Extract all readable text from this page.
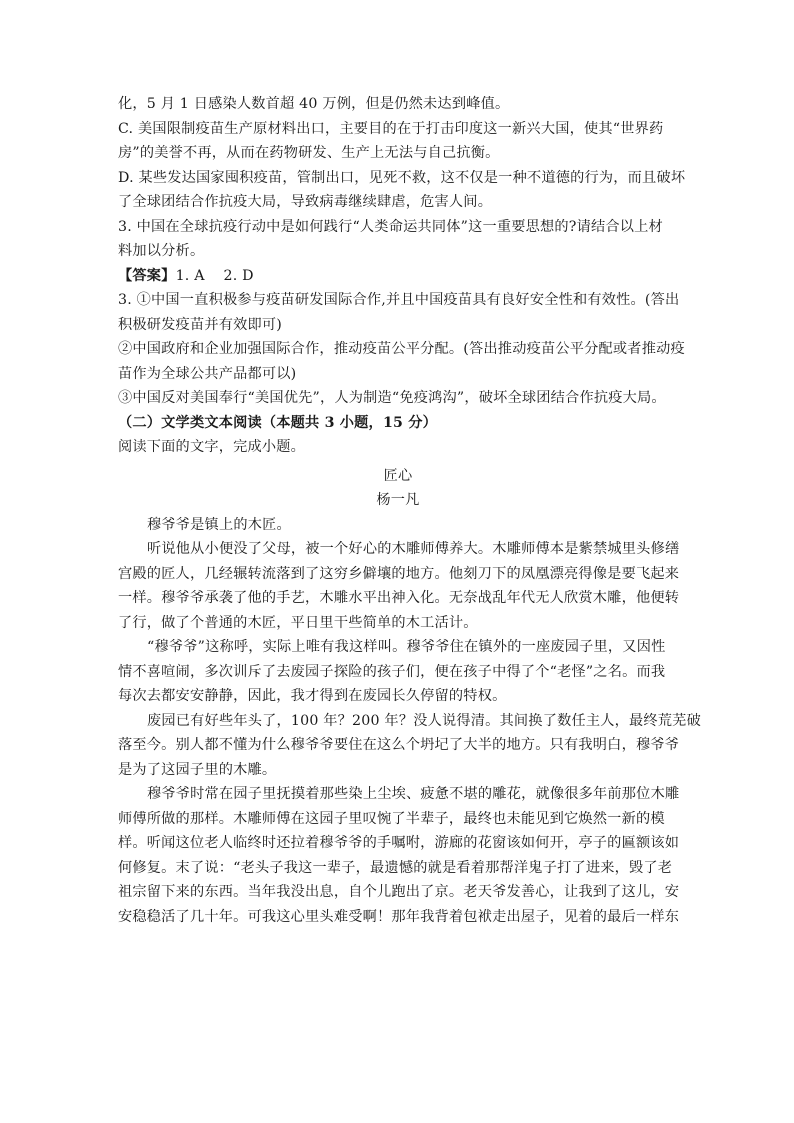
化，5 月 1 日感染人数首超 40 万例，但是仍然未达到峰值。
C. 美国限制疫苗生产原材料出口，主要目的在于打击印度这一新兴大国，使其“世界药
房”的美誉不再，从而在药物研发、生产上无法与自己抗衡。
D. 某些发达国家囤积疫苗，管制出口，见死不救，这不仅是一种不道德的行为，而且破坏
了全球团结合作抗疫大局，导致病毒继续肆虐，危害人间。
3. 中国在全球抗疫行动中是如何践行“人类命运共同体”这一重要思想的?请结合以上材
料加以分析。
【答案】1. A    2. D
3. ①中国一直积极参与疫苗研发国际合作,并且中国疫苗具有良好安全性和有效性。(答出
积极研发疫苗并有效即可)
②中国政府和企业加强国际合作，推动疫苗公平分配。(答出推动疫苗公平分配或者推动疫
苗作为全球公共产品都可以)
③中国反对美国奉行“美国优先”，人为制造“免疫鸿沟”，破坏全球团结合作抗疫大局。
（二）文学类文本阅读（本题共 3 小题，15 分）
阅读下面的文字，完成小题。
匠心
杨一凡
穆爷爷是镇上的木匠。
听说他从小便没了父母，被一个好心的木雕师傅养大。木雕师傅本是紫禁城里头修缮
宫殿的匠人，几经辗转流落到了这穷乡僻壤的地方。他刻刀下的凤凰漂亮得像是要飞起来
一样。穆爷爷承袭了他的手艺，木雕水平出神入化。无奈战乱年代无人欣赏木雕，他便转
了行，做了个普通的木匠，平日里干些简单的木工活计。
“穆爷爷”这称呼，实际上唯有我这样叫。穆爷爷住在镇外的一座废园子里，又因性
情不喜喧闹，多次训斥了去废园子探险的孩子们，便在孩子中得了个“老怪”之名。而我
每次去都安安静静，因此，我才得到在废园长久停留的特权。
废园已有好些年头了，100 年？200 年？没人说得清。其间换了数任主人，最终荒芜破
落至今。别人都不懂为什么穆爷爷要住在这么个坍圮了大半的地方。只有我明白，穆爷爷
是为了这园子里的木雕。
穆爷爷时常在园子里抚摸着那些染上尘埃、疲惫不堪的雕花，就像很多年前那位木雕
师傅所做的那样。木雕师傅在这园子里叹惋了半辈子，最终也未能见到它焕然一新的模
样。听闻这位老人临终时还拉着穆爷爷的手嘱咐，游廊的花窗该如何开，亭子的匾额该如
何修复。末了说：“老头子我这一辈子，最遗憾的就是看着那帮洋鬼子打了进来，毁了老
祖宗留下来的东西。当年我没出息，自个儿跑出了京。老天爷发善心，让我到了这儿，安
安稳稳活了几十年。可我这心里头难受啊！那年我背着包袱走出屋子，见着的最后一样东
